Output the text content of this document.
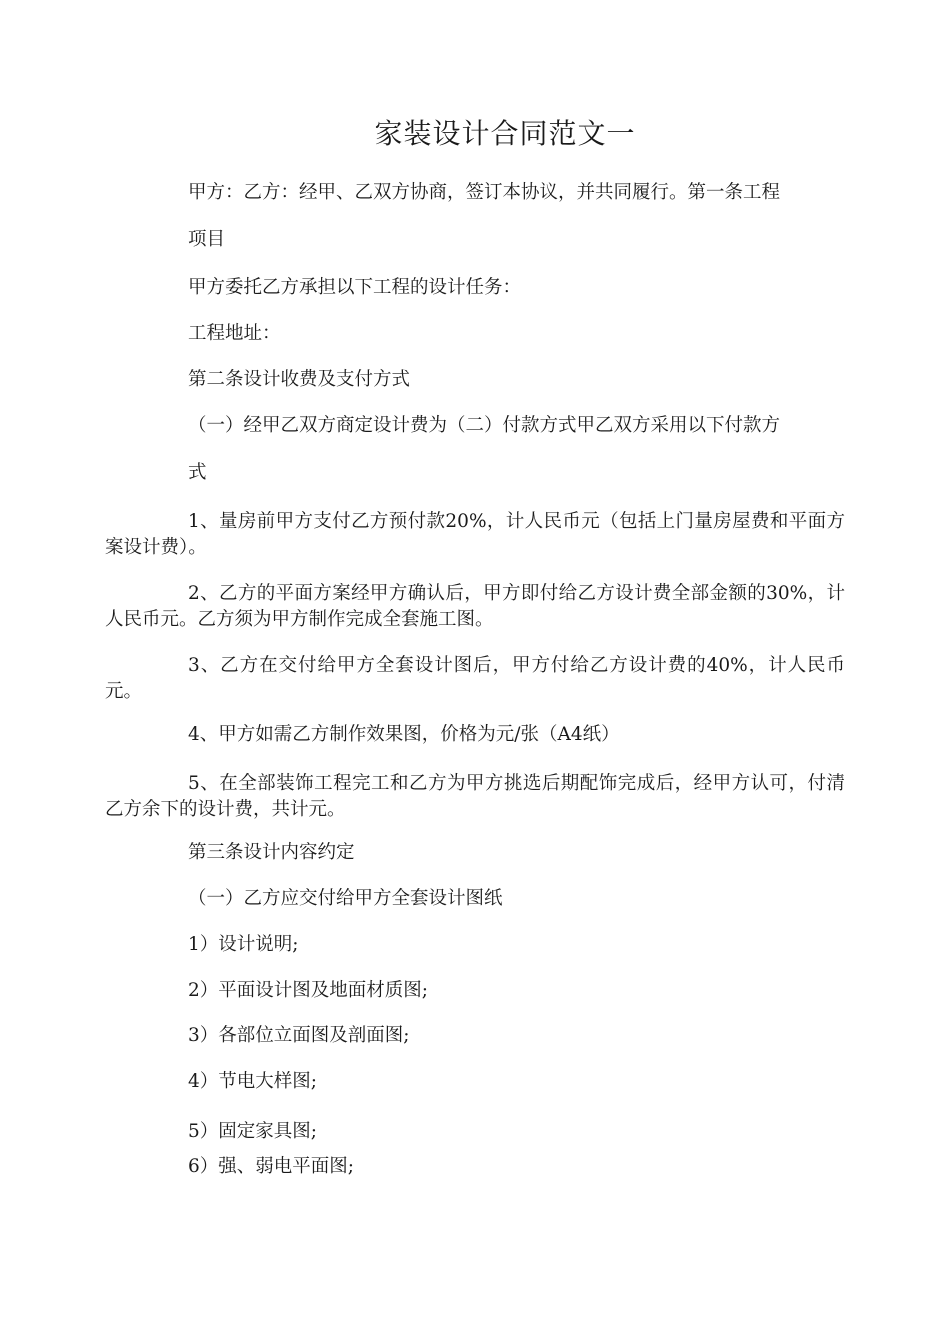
家装设计合同范文一
甲方：乙方：经甲、乙双方协商，签订本协议，并共同履行。第一条工程
项目
甲方委托乙方承担以下工程的设计任务：
工程地址：
第二条设计收费及支付方式
（一）经甲乙双方商定设计费为（二）付款方式甲乙双方采用以下付款方
式
1、量房前甲方支付乙方预付款20%，计人民币元（包括上门量房屋费和平面方案设计费）。
2、乙方的平面方案经甲方确认后，甲方即付给乙方设计费全部金额的30%，计人民币元。乙方须为甲方制作完成全套施工图。
3、乙方在交付给甲方全套设计图后，甲方付给乙方设计费的40%，计人民币元。
4、甲方如需乙方制作效果图，价格为元/张（A4纸）
5、在全部装饰工程完工和乙方为甲方挑选后期配饰完成后，经甲方认可，付清乙方余下的设计费，共计元。
第三条设计内容约定
（一）乙方应交付给甲方全套设计图纸
1）设计说明;
2）平面设计图及地面材质图;
3）各部位立面图及剖面图;
4）节电大样图;
5）固定家具图;
6）强、弱电平面图;
